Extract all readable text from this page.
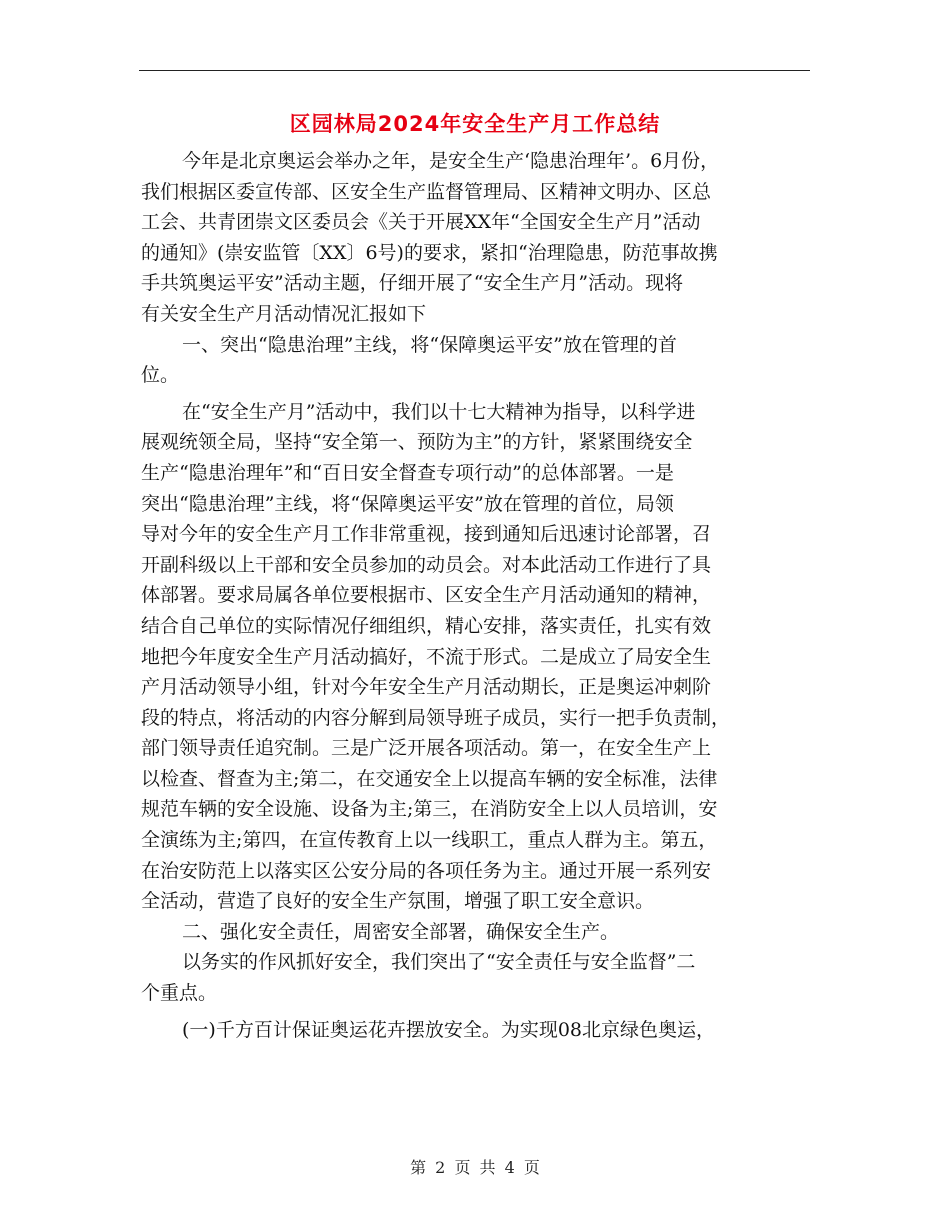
区园林局2024年安全生产月工作总结
今年是北京奥运会举办之年，是安全生产‘隐患治理年’。6月份，
我们根据区委宣传部、区安全生产监督管理局、区精神文明办、区总
工会、共青团崇文区委员会《关于开展XX年“全国安全生产月”活动
的通知》(崇安监管〔XX〕6号)的要求，紧扣“治理隐患，防范事故携
手共筑奥运平安”活动主题，仔细开展了“安全生产月”活动。现将
有关安全生产月活动情况汇报如下
一、突出“隐患治理”主线，将“保障奥运平安”放在管理的首
位。
在“安全生产月”活动中，我们以十七大精神为指导，以科学进
展观统领全局，坚持“安全第一、预防为主”的方针，紧紧围绕安全
生产“隐患治理年”和“百日安全督查专项行动”的总体部署。一是
突出“隐患治理”主线，将“保障奥运平安”放在管理的首位，局领
导对今年的安全生产月工作非常重视，接到通知后迅速讨论部署，召
开副科级以上干部和安全员参加的动员会。对本此活动工作进行了具
体部署。要求局属各单位要根据市、区安全生产月活动通知的精神，
结合自己单位的实际情况仔细组织，精心安排，落实责任，扎实有效
地把今年度安全生产月活动搞好，不流于形式。二是成立了局安全生
产月活动领导小组，针对今年安全生产月活动期长，正是奥运冲刺阶
段的特点，将活动的内容分解到局领导班子成员，实行一把手负责制，
部门领导责任追究制。三是广泛开展各项活动。第一，在安全生产上
以检查、督查为主;第二，在交通安全上以提高车辆的安全标准，法律
规范车辆的安全设施、设备为主;第三，在消防安全上以人员培训，安
全演练为主;第四，在宣传教育上以一线职工，重点人群为主。第五，
在治安防范上以落实区公安分局的各项任务为主。通过开展一系列安
全活动，营造了良好的安全生产氛围，增强了职工安全意识。
二、强化安全责任，周密安全部署，确保安全生产。
以务实的作风抓好安全，我们突出了“安全责任与安全监督”二
个重点。
(一)千方百计保证奥运花卉摆放安全。为实现08北京绿色奥运，
第 2 页 共 4 页
